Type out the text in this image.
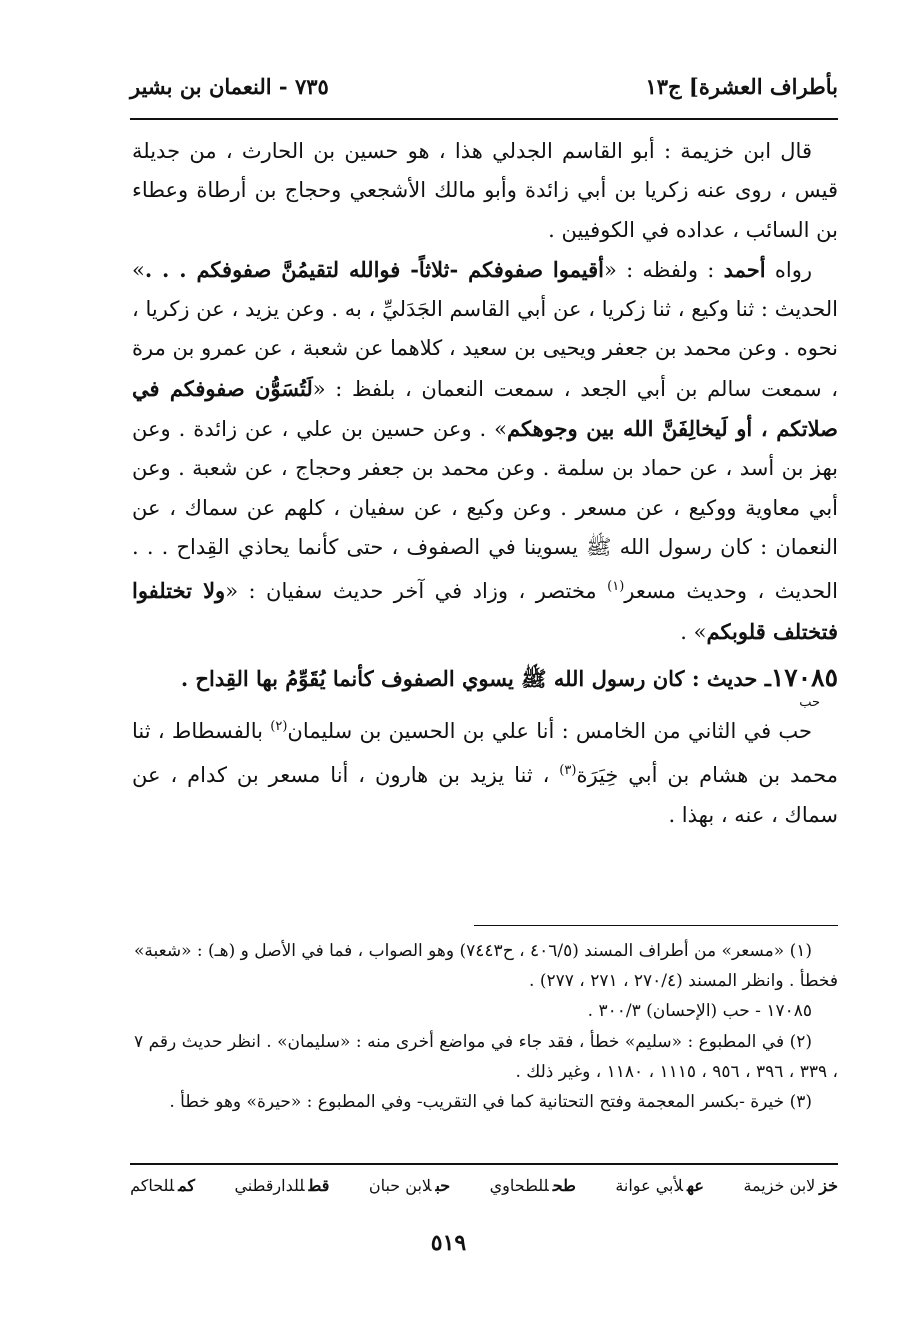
بأطراف العشرة] ج١٣
٧٣٥ - النعمان بن بشير

قال ابن خزيمة : أبو القاسم الجدلي هذا ، هو حسين بن الحارث ، من جديلة قيس ، روى عنه زكريا بن أبي زائدة وأبو مالك الأشجعي وحجاج بن أرطاة وعطاء بن السائب ، عداده في الكوفيين .

رواه أحمد : ولفظه : «أقيموا صفوفكم -ثلاثاً- فوالله لتقيمُنَّ صفوفكم . . .» الحديث : ثنا وكيع ، ثنا زكريا ، عن أبي القاسم الجَدَليِّ ، به . وعن يزيد ، عن زكريا ، نحوه . وعن محمد بن جعفر ويحيى بن سعيد ، كلاهما عن شعبة ، عن عمرو بن مرة ، سمعت سالم بن أبي الجعد ، سمعت النعمان ، بلفظ : «لَتُسَوُّن صفوفكم في صلاتكم ، أو لَيخالِفَنَّ الله بين وجوهكم» . وعن حسين بن علي ، عن زائدة . وعن بهز بن أسد ، عن حماد بن سلمة . وعن محمد بن جعفر وحجاج ، عن شعبة . وعن أبي معاوية ووكيع ، عن مسعر . وعن وكيع ، عن سفيان ، كلهم عن سماك ، عن النعمان : كان رسول الله ﷺ يسوينا في الصفوف ، حتى كأنما يحاذي القِداح . . . الحديث ، وحديث مسعر$^{(١)}$ مختصر ، وزاد في آخر حديث سفيان : «ولا تختلفوا فتختلف قلوبكم» .

١٧٠٨٥ـ حديث : كان رسول الله ﷺ يسوي الصفوف كأنما يُقَوِّمُ بها القِداح .
حب

حب في الثاني من الخامس : أنا علي بن الحسين بن سليمان$^{(٢)}$ بالفسطاط ، ثنا محمد بن هشام بن أبي خِيَرَة$^{(٣)}$ ، ثنا يزيد بن هارون ، أنا مسعر بن كدام ، عن سماك ، عنه ، بهذا .

(١) «مسعر» من أطراف المسند (٤٠٦/٥ ، ح٧٤٤٣) وهو الصواب ، فما في الأصل و (هـ) : «شعبة» فخطأ . وانظر المسند (٢٧٠/٤ ، ٢٧١ ، ٢٧٧) .

١٧٠٨٥ - حب (الإحسان) ٣٠٠/٣ .

(٢) في المطبوع : «سليم» خطأ ، فقد جاء في مواضع أخرى منه : «سليمان» . انظر حديث رقم ٧ ، ٣٣٩ ، ٣٩٦ ، ٩٥٦ ، ١١١٥ ، ١١٨٠ ، وغير ذلك .

(٣) خيرة -بكسر المعجمة وفتح التحتانية كما في التقريب- وفي المطبوع : «حيرة» وهو خطأ .

خزلابن خزيمة
عهلأبي عوانة
طحللطحاوي
حبلابن حبان
قطللدارقطني
كمللحاكم
٥١٩
